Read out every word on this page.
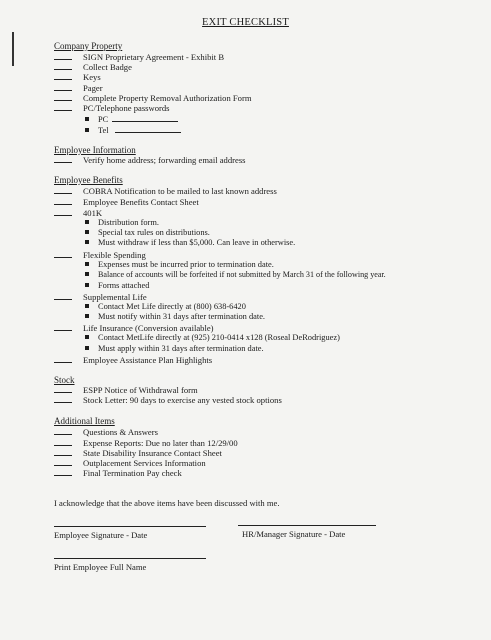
EXIT CHECKLIST
Company Property
SIGN Proprietary Agreement - Exhibit B
Collect Badge
Keys
Pager
Complete Property Removal Authorization Form
PC/Telephone passwords
PC
Tel
Employee Information
Verify home address; forwarding email address
Employee Benefits
COBRA Notification to be mailed to last known address
Employee Benefits Contact Sheet
401K
Distribution form.
Special tax rules on distributions.
Must withdraw if less than $5,000. Can leave in otherwise.
Flexible Spending
Expenses must be incurred prior to termination date.
Balance of accounts will be forfeited if not submitted by March 31 of the following year.
Forms attached
Supplemental Life
Contact Met Life directly at (800) 638-6420
Must notify within 31 days after termination date.
Life Insurance (Conversion available)
Contact MetLife directly at (925) 210-0414 x128 (Roseal DeRodriguez)
Must apply within 31 days after termination date.
Employee Assistance Plan Highlights
Stock
ESPP Notice of Withdrawal form
Stock Letter: 90 days to exercise any vested stock options
Additional Items
Questions & Answers
Expense Reports: Due no later than 12/29/00
State Disability Insurance Contact Sheet
Outplacement Services Information
Final Termination Pay check
I acknowledge that the above items have been discussed with me.
Employee Signature - Date	HR/Manager Signature - Date
Print Employee Full Name
